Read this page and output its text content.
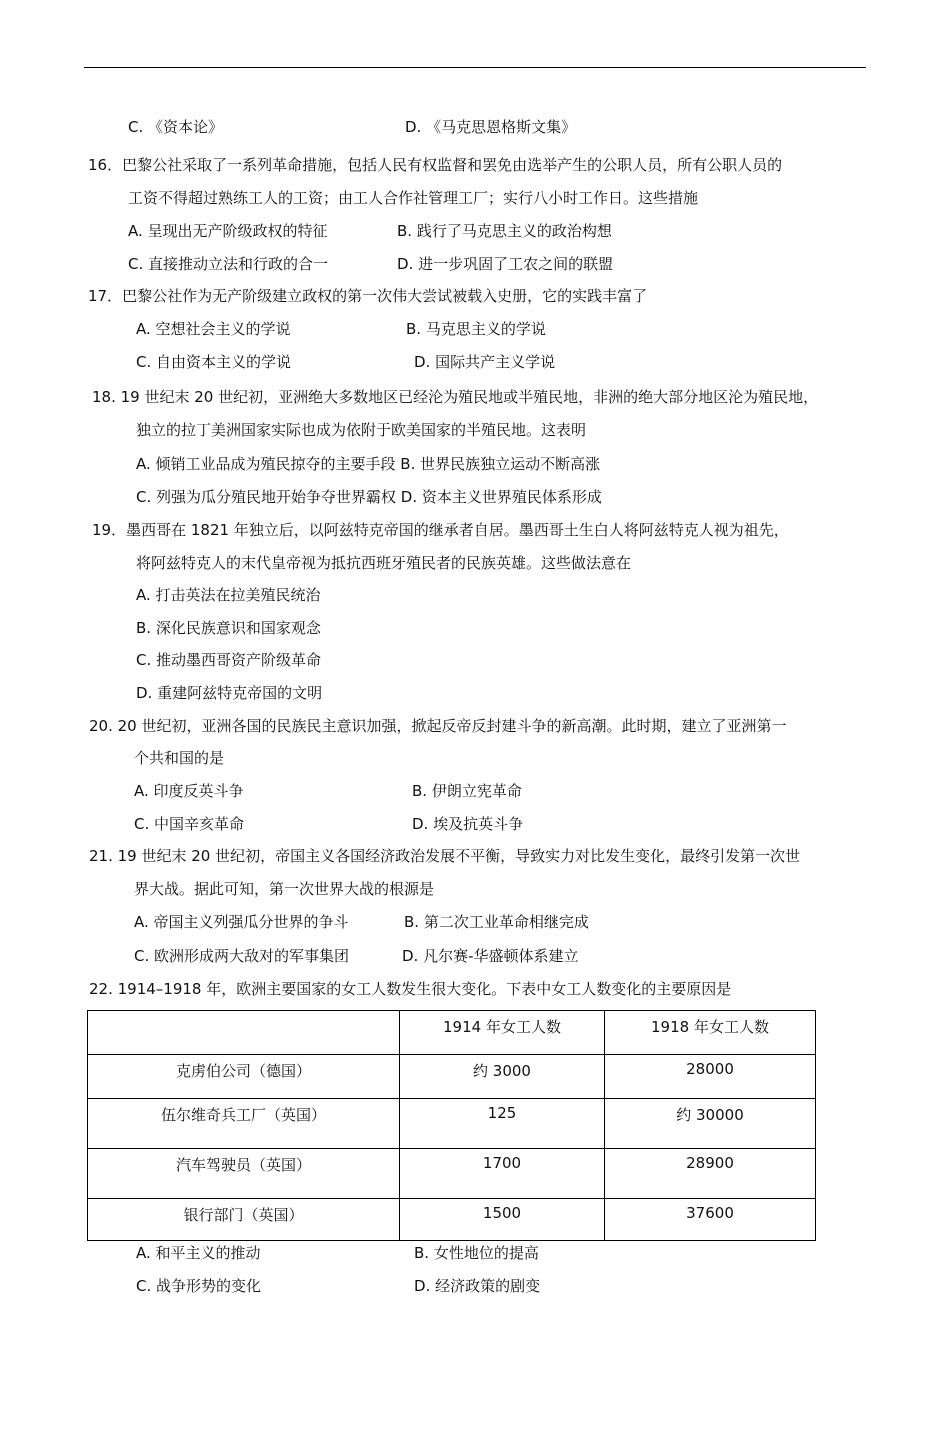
C. 《资本论》	D. 《马克思恩格斯文集》
16．巴黎公社采取了一系列革命措施，包括人民有权监督和罢免由选举产生的公职人员，所有公职人员的
工资不得超过熟练工人的工资；由工人合作社管理工厂；实行八小时工作日。这些措施
A. 呈现出无产阶级政权的特征	B. 践行了马克思主义的政治构想
C. 直接推动立法和行政的合一	D. 进一步巩固了工农之间的联盟
17．巴黎公社作为无产阶级建立政权的第一次伟大尝试被载入史册，它的实践丰富了
A. 空想社会主义的学说	B. 马克思主义的学说
C. 自由资本主义的学说	D. 国际共产主义学说
18. 19 世纪末 20 世纪初，亚洲绝大多数地区已经沦为殖民地或半殖民地，非洲的绝大部分地区沦为殖民地，
独立的拉丁美洲国家实际也成为依附于欧美国家的半殖民地。这表明
A. 倾销工业品成为殖民掠夺的主要手段 B. 世界民族独立运动不断高涨
C. 列强为瓜分殖民地开始争夺世界霸权 D. 资本主义世界殖民体系形成
19．墨西哥在 1821 年独立后，以阿兹特克帝国的继承者自居。墨西哥土生白人将阿兹特克人视为祖先，
将阿兹特克人的末代皇帝视为抵抗西班牙殖民者的民族英雄。这些做法意在
A. 打击英法在拉美殖民统治
B. 深化民族意识和国家观念
C. 推动墨西哥资产阶级革命
D. 重建阿兹特克帝国的文明
20. 20 世纪初，亚洲各国的民族民主意识加强，掀起反帝反封建斗争的新高潮。此时期，建立了亚洲第一
个共和国的是
A. 印度反英斗争	B. 伊朗立宪革命
C. 中国辛亥革命	D. 埃及抗英斗争
21. 19 世纪末 20 世纪初，帝国主义各国经济政治发展不平衡，导致实力对比发生变化，最终引发第一次世
界大战。据此可知，第一次世界大战的根源是
A. 帝国主义列强瓜分世界的争斗	B. 第二次工业革命相继完成
C. 欧洲形成两大敌对的军事集团	D. 凡尔赛-华盛顿体系建立
22. 1914–1918 年，欧洲主要国家的女工人数发生很大变化。下表中女工人数变化的主要原因是
	1914 年女工人数	1918 年女工人数
克虏伯公司（德国）	约 3000	28000
伍尔维奇兵工厂（英国）	125	约 30000
汽车驾驶员（英国）	1700	28900
银行部门（英国）	1500	37600
A. 和平主义的推动	B. 女性地位的提高
C. 战争形势的变化	D. 经济政策的剧变
